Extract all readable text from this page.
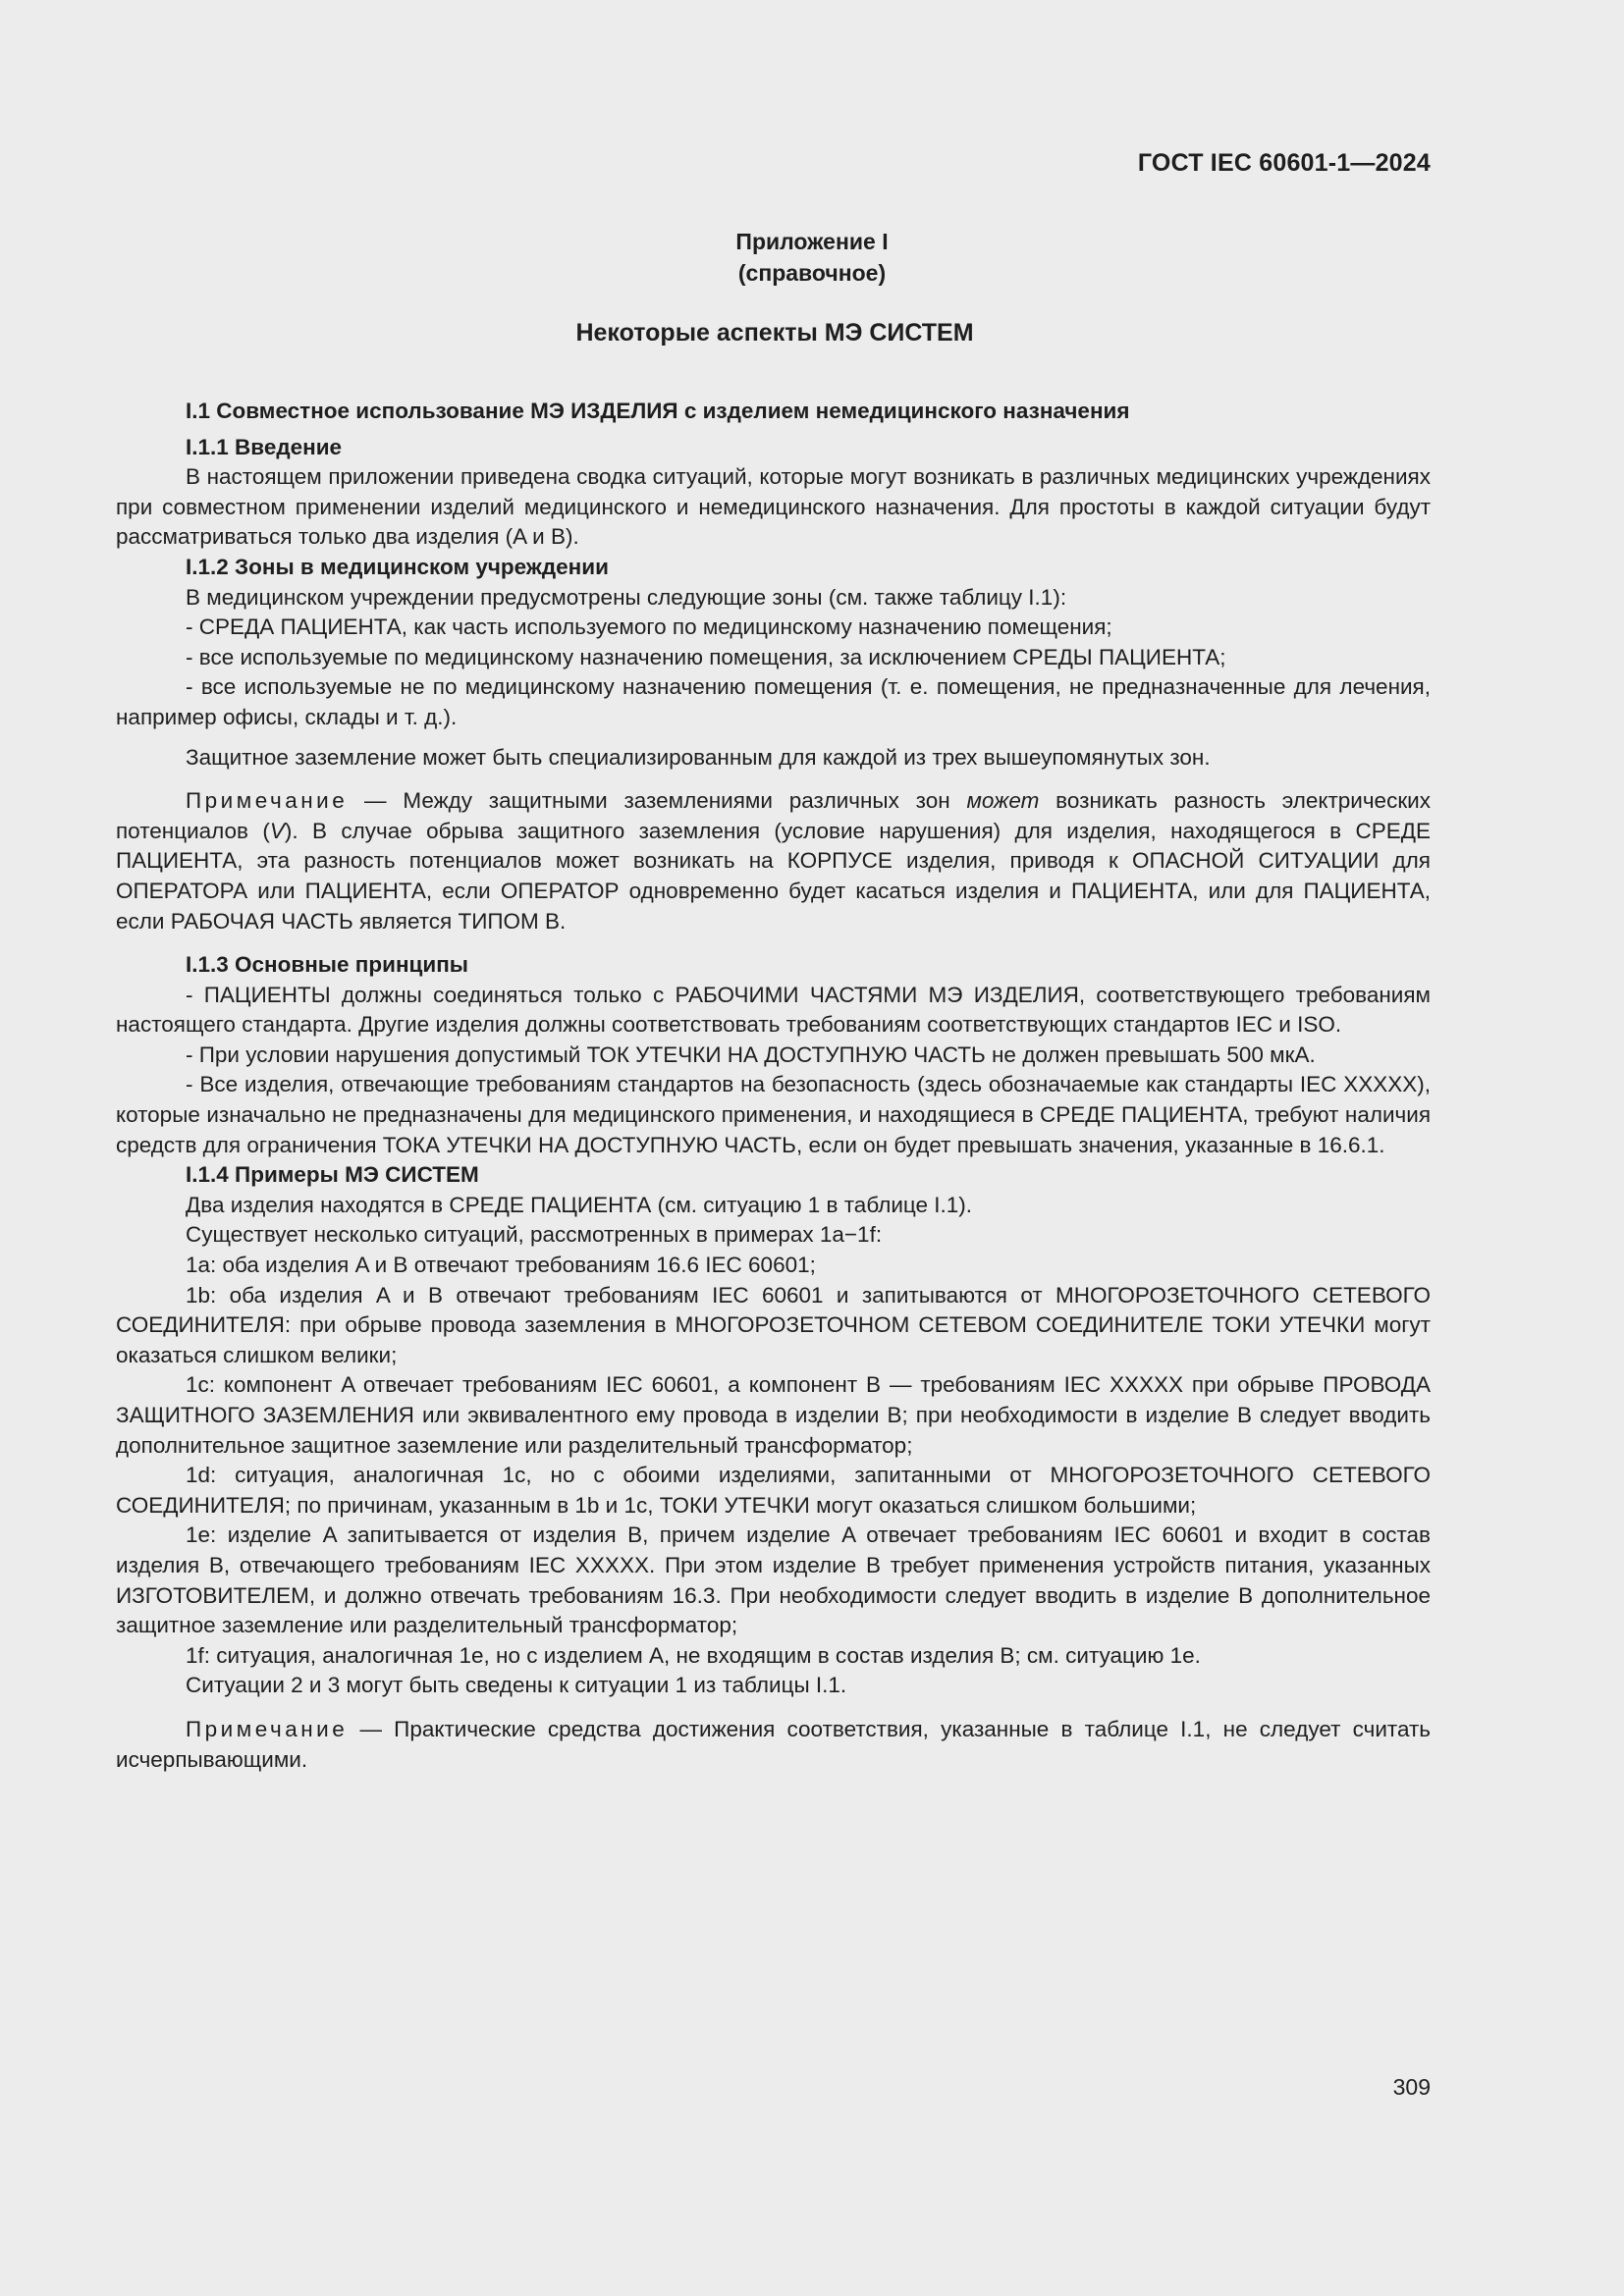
ГОСТ IEC 60601-1—2024
Приложение I
(справочное)
Некоторые аспекты МЭ СИСТЕМ
I.1 Совместное использование МЭ ИЗДЕЛИЯ с изделием немедицинского назначения
I.1.1 Введение

В настоящем приложении приведена сводка ситуаций, которые могут возникать в различных медицинских учреждениях при совместном применении изделий медицинского и немедицинского назначения. Для простоты в каждой ситуации будут рассматриваться только два изделия (A и B).

I.1.2 Зоны в медицинском учреждении

В медицинском учреждении предусмотрены следующие зоны (см. также таблицу I.1):

- СРЕДА ПАЦИЕНТА, как часть используемого по медицинскому назначению помещения;

- все используемые по медицинскому назначению помещения, за исключением СРЕДЫ ПАЦИЕНТА;

- все используемые не по медицинскому назначению помещения (т. е. помещения, не предназначенные для лечения, например офисы, склады и т. д.).

Защитное заземление может быть специализированным для каждой из трех вышеупомянутых зон.

Примечание — Между защитными заземлениями различных зон может возникать разность электрических потенциалов (V). В случае обрыва защитного заземления (условие нарушения) для изделия, находящегося в СРЕДЕ ПАЦИЕНТА, эта разность потенциалов может возникать на КОРПУСЕ изделия, приводя к ОПАСНОЙ СИТУАЦИИ для ОПЕРАТОРА или ПАЦИЕНТА, если ОПЕРАТОР одновременно будет касаться изделия и ПАЦИЕНТА, или для ПАЦИЕНТА, если РАБОЧАЯ ЧАСТЬ является ТИПОМ B.

I.1.3 Основные принципы

- ПАЦИЕНТЫ должны соединяться только с РАБОЧИМИ ЧАСТЯМИ МЭ ИЗДЕЛИЯ, соответствующего требованиям настоящего стандарта. Другие изделия должны соответствовать требованиям соответствующих стандартов IEC и ISO.

- При условии нарушения допустимый ТОК УТЕЧКИ НА ДОСТУПНУЮ ЧАСТЬ не должен превышать 500 мкА.

- Все изделия, отвечающие требованиям стандартов на безопасность (здесь обозначаемые как стандарты IEC XXXXX), которые изначально не предназначены для медицинского применения, и находящиеся в СРЕДЕ ПАЦИЕНТА, требуют наличия средств для ограничения ТОКА УТЕЧКИ НА ДОСТУПНУЮ ЧАСТЬ, если он будет превышать значения, указанные в 16.6.1.

I.1.4 Примеры МЭ СИСТЕМ

Два изделия находятся в СРЕДЕ ПАЦИЕНТА (см. ситуацию 1 в таблице I.1).

Существует несколько ситуаций, рассмотренных в примерах 1a−1f:

1a: оба изделия A и B отвечают требованиям 16.6 IEC 60601;

1b: оба изделия A и B отвечают требованиям IEC 60601 и запитываются от МНОГОРОЗЕТОЧНОГО СЕТЕВОГО СОЕДИНИТЕЛЯ: при обрыве провода заземления в МНОГОРОЗЕТОЧНОМ СЕТЕВОМ СОЕДИНИТЕЛЕ ТОКИ УТЕЧКИ могут оказаться слишком велики;

1c: компонент A отвечает требованиям IEC 60601, а компонент B — требованиям IEC XXXXX при обрыве ПРОВОДА ЗАЩИТНОГО ЗАЗЕМЛЕНИЯ или эквивалентного ему провода в изделии B; при необходимости в изделие B следует вводить дополнительное защитное заземление или разделительный трансформатор;

1d: ситуация, аналогичная 1c, но с обоими изделиями, запитанными от МНОГОРОЗЕТОЧНОГО СЕТЕВОГО СОЕДИНИТЕЛЯ; по причинам, указанным в 1b и 1c, ТОКИ УТЕЧКИ могут оказаться слишком большими;

1e: изделие A запитывается от изделия B, причем изделие A отвечает требованиям IEC 60601 и входит в состав изделия B, отвечающего требованиям IEC XXXXX. При этом изделие B требует применения устройств питания, указанных ИЗГОТОВИТЕЛЕМ, и должно отвечать требованиям 16.3. При необходимости следует вводить в изделие B дополнительное защитное заземление или разделительный трансформатор;

1f: ситуация, аналогичная 1e, но с изделием A, не входящим в состав изделия B; см. ситуацию 1e.

Ситуации 2 и 3 могут быть сведены к ситуации 1 из таблицы I.1.

Примечание — Практические средства достижения соответствия, указанные в таблице I.1, не следует считать исчерпывающими.

309
